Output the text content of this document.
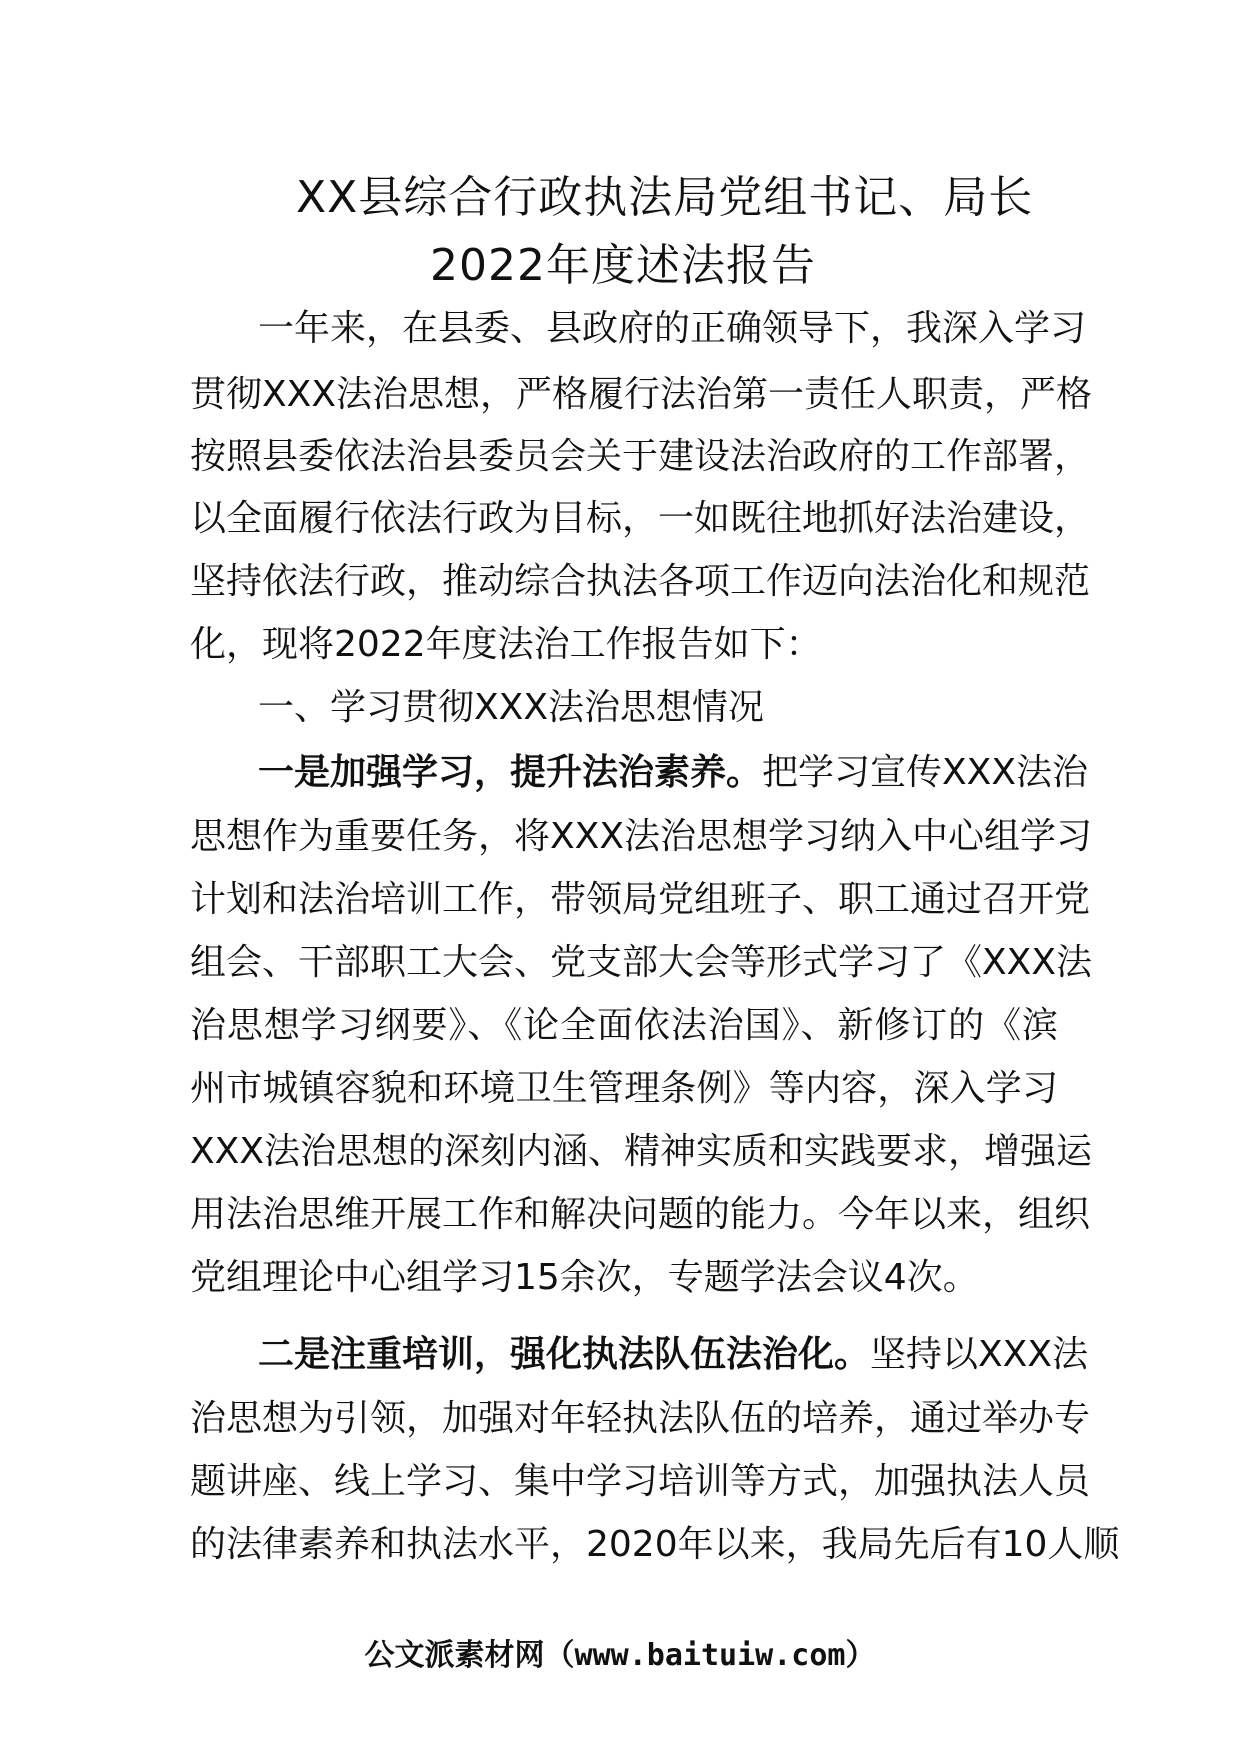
XX县综合行政执法局党组书记、局长
2022年度述法报告
一年来，在县委、县政府的正确领导下，我深入学习
贯彻XXX法治思想，严格履行法治第一责任人职责，严格
按照县委依法治县委员会关于建设法治政府的工作部署，
以全面履行依法行政为目标，一如既往地抓好法治建设，
坚持依法行政，推动综合执法各项工作迈向法治化和规范
化，现将2022年度法治工作报告如下：
一、学习贯彻XXX法治思想情况
一是加强学习，提升法治素养。把学习宣传XXX法治
思想作为重要任务，将XXX法治思想学习纳入中心组学习
计划和法治培训工作，带领局党组班子、职工通过召开党
组会、干部职工大会、党支部大会等形式学习了《XXX法
治思想学习纲要》、《论全面依法治国》、新修订的《滨
州市城镇容貌和环境卫生管理条例》等内容，深入学习
XXX法治思想的深刻内涵、精神实质和实践要求，增强运
用法治思维开展工作和解决问题的能力。今年以来，组织
党组理论中心组学习15余次，专题学法会议4次。
二是注重培训，强化执法队伍法治化。坚持以XXX法
治思想为引领，加强对年轻执法队伍的培养，通过举办专
题讲座、线上学习、集中学习培训等方式，加强执法人员
的法律素养和执法水平，2020年以来，我局先后有10人顺
公文派素材网（www.baituiw.com）
